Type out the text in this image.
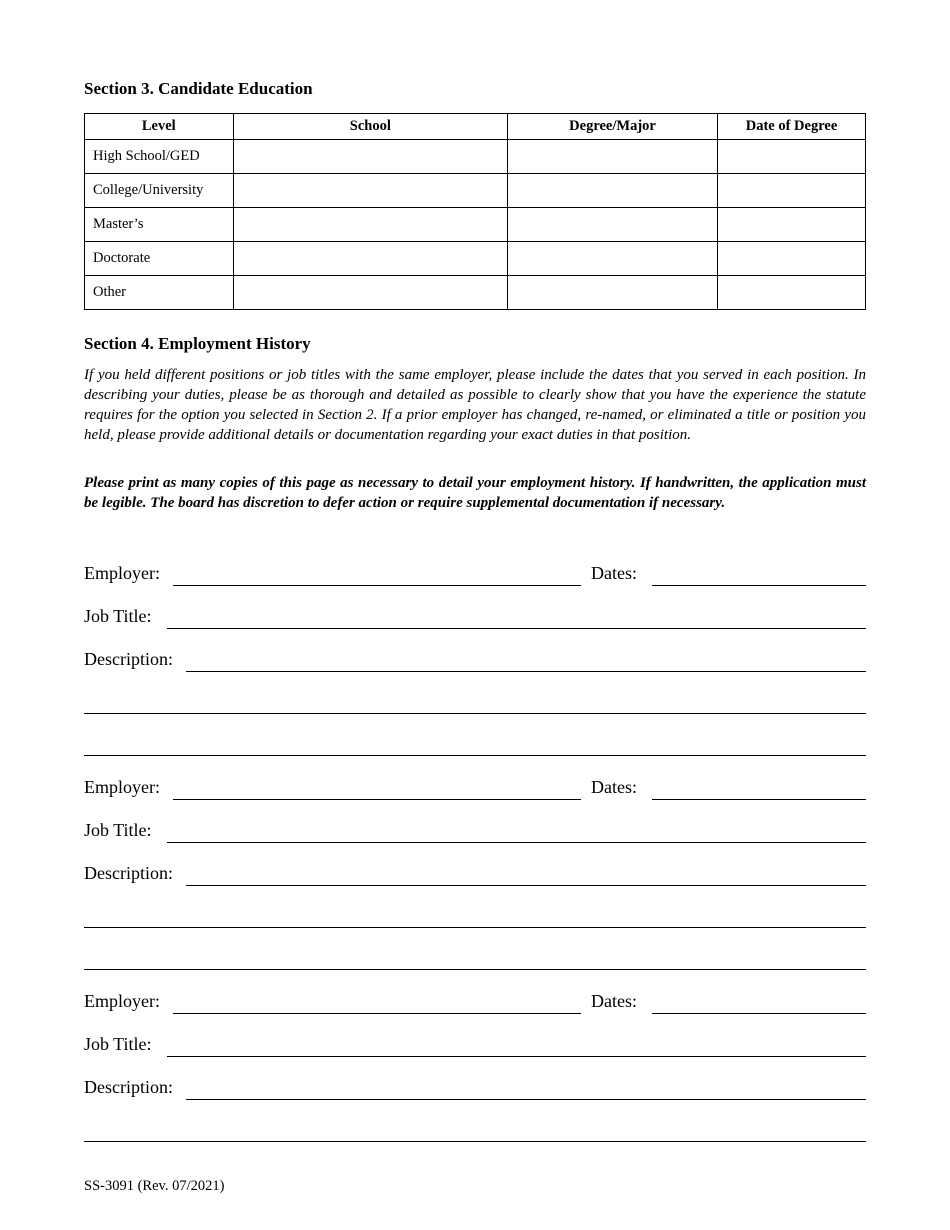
Section 3. Candidate Education
Level	School	Degree/Major	Date of Degree
High School/GED			
College/University			
Master’s			
Doctorate			
Other			
Section 4. Employment History

If you held different positions or job titles with the same employer, please include the dates that you served in each position. In describing your duties, please be as thorough and detailed as possible to clearly show that you have the experience the statute requires for the option you selected in Section 2. If a prior employer has changed, re-named, or eliminated a title or position you held, please provide additional details or documentation regarding your exact duties in that position.

Please print as many copies of this page as necessary to detail your employment history. If handwritten, the application must be legible. The board has discretion to defer action or require supplemental documentation if necessary.

Employer:	Dates:
Job Title:
Description:
Employer:	Dates:
Job Title:
Description:
Employer:	Dates:
Job Title:
Description:
SS-3091 (Rev. 07/2021)
